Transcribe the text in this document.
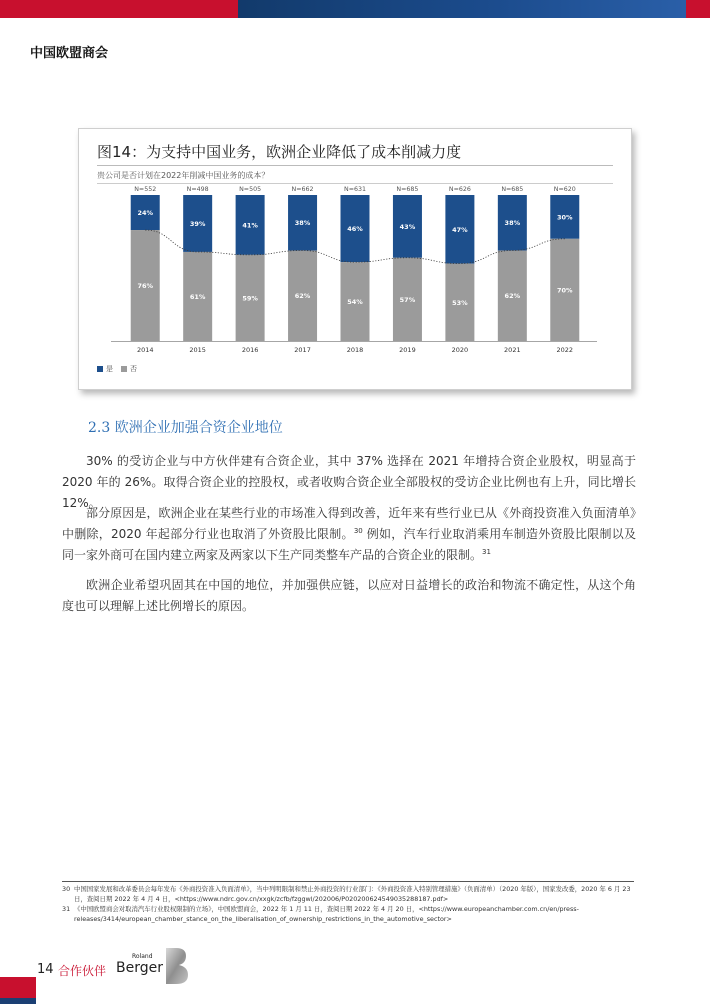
中国欧盟商会
图14：为支持中国业务，欧洲企业降低了成本削减力度
贵公司是否计划在2022年削减中国业务的成本？
24%
76%
N=552
2014
39%
61%
N=498
2015
41%
59%
N=505
2016
38%
62%
N=662
2017
46%
54%
N=631
2018
43%
57%
N=685
2019
47%
53%
N=626
2020
38%
62%
N=685
2021
30%
70%
N=620
2022
是 否
2.3 欧洲企业加强合资企业地位
30% 的受访企业与中方伙伴建有合资企业，其中 37% 选择在 2021 年增持合资企业股权，明显高于 2020 年的 26%。取得合资企业的控股权，或者收购合资企业全部股权的受访企业比例也有上升，同比增长 12%。
部分原因是，欧洲企业在某些行业的市场准入得到改善，近年来有些行业已从《外商投资准入负面清单》中删除，2020 年起部分行业也取消了外资股比限制。$^{30}$ 例如，汽车行业取消乘用车制造外资股比限制以及同一家外商可在国内建立两家及两家以下生产同类整车产品的合资企业的限制。$^{31}$
欧洲企业希望巩固其在中国的地位，并加强供应链，以应对日益增长的政治和物流不确定性，从这个角度也可以理解上述比例增长的原因。
30 中国国家发展和改革委员会每年发布《外商投资准入负面清单》，当中列明限制和禁止外商投资的行业部门：《外商投资准入特别管理措施》（负面清单）（2020 年版），国家发改委，2020 年 6 月 23 日，查阅日期 2022 年 4 月 4 日，<https://www.ndrc.gov.cn/xxgk/zcfb/fzggwl/202006/P020200624549035288187.pdf>
31 《中国欧盟商会对取消汽车行业股权限制的立场》，中国欧盟商会，2022 年 1 月 11 日，查阅日期 2022 年 4 月 20 日，<https://www.europeanchamber.com.cn/en/press-releases/3414/european_chamber_stance_on_the_liberalisation_of_ownership_restrictions_in_the_automotive_sector>
14 合作伙伴
Roland
Berger
